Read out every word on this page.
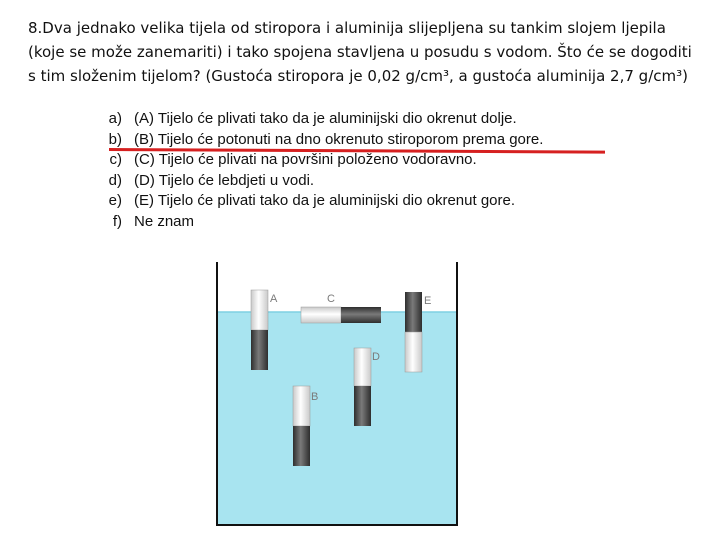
8.Dva jednako velika tijela od stiropora i aluminija slijepljena su tankim slojem ljepila (koje se može zanemariti) i tako spojena stavljena u posudu s vodom. Što će se dogoditi s tim složenim tijelom? (Gustoća stiropora je 0,02 g/cm³, a gustoća aluminija 2,7 g/cm³)
a) (A) Tijelo će plivati tako da je aluminijski dio okrenut dolje.
b) (B) Tijelo će potonuti na dno okrenuto stiroporom prema gore.
c) (C) Tijelo će plivati na površini položeno vodoravno.
d) (D) Tijelo će lebdjeti u vodi.
e) (E) Tijelo će plivati tako da je aluminijski dio okrenut gore.
f) Ne znam
A	C	E
D
B
